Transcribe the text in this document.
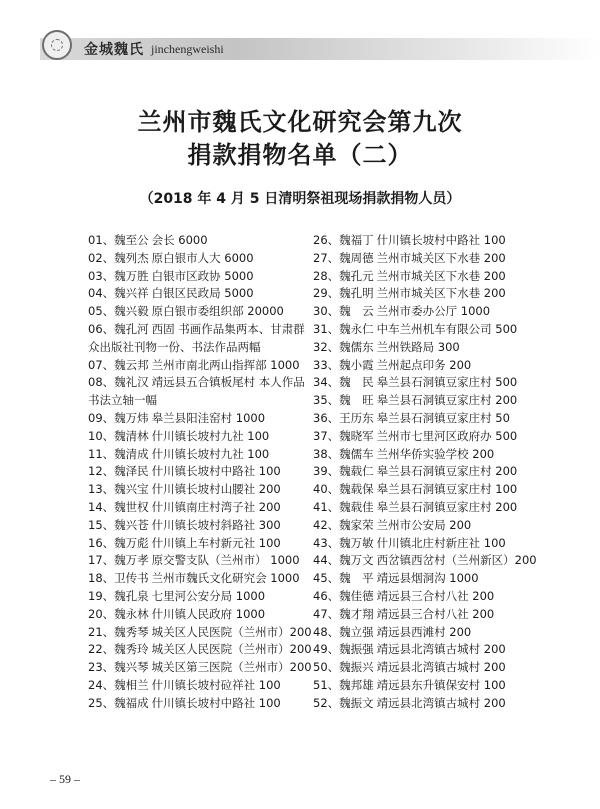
金城魏氏 jinchengweishi
兰州市魏氏文化研究会第九次
捐款捐物名单（二）
（2018 年 4 月 5 日清明祭祖现场捐款捐物人员）
01、魏至公 会长 6000
02、魏列杰 原白银市人大 6000
03、魏万胜 白银市区政协 5000
04、魏兴祥 白银区民政局 5000
05、魏兴毅 原白银市委组织部 20000
06、魏孔河 西固 书画作品集两本、甘肃群
众出版社刊物一份、书法作品两幅
07、魏云邦 兰州市南北两山指挥部 1000
08、魏礼汉 靖远县五合镇板尾村 本人作品
书法立轴一幅
09、魏万炜 皋兰县阳洼窑村 1000
10、魏清林 什川镇长坡村九社 100
11、魏清成 什川镇长坡村九社 100
12、魏泽民 什川镇长坡村中路社 100
13、魏兴宝 什川镇长坡村山腰社 200
14、魏世权 什川镇南庄村湾子社 200
15、魏兴苍 什川镇长坡村斜路社 300
16、魏万彪 什川镇上车村新元社 100
17、魏万孝 原交警支队（兰州市） 1000
18、卫传书 兰州市魏氏文化研究会 1000
19、魏孔泉 七里河公安分局 1000
20、魏永林 什川镇人民政府 1000
21、魏秀琴 城关区人民医院（兰州市）200
22、魏秀玲 城关区人民医院（兰州市）200
23、魏兴琴 城关区第三医院（兰州市）200
24、魏相兰 什川镇长坡村砬祥社 100
25、魏福成 什川镇长坡村中路社 100
26、魏福丁 什川镇长坡村中路社 100
27、魏周德 兰州市城关区下水巷 200
28、魏孔元 兰州市城关区下水巷 200
29、魏孔明 兰州市城关区下水巷 200
30、魏　云 兰州市委办公厅 1000
31、魏永仁 中车兰州机车有限公司 500
32、魏儒东 兰州铁路局 300
33、魏小霞 兰州起点印务 200
34、魏　民 皋兰县石洞镇豆家庄村 500
35、魏　旺 皋兰县石洞镇豆家庄村 200
36、王历东 皋兰县石洞镇豆家庄村 50
37、魏晓军 兰州市七里河区政府办 500
38、魏儒车 兰州华侨实验学校 200
39、魏载仁 皋兰县石洞镇豆家庄村 200
40、魏载保 皋兰县石洞镇豆家庄村 100
41、魏载佳 皋兰县石洞镇豆家庄村 200
42、魏家荣 兰州市公安局 200
43、魏万敏 什川镇北庄村新庄社 100
44、魏万文 西岔镇西岔村（兰州新区）200
45、魏　平 靖远县烟洞沟 1000
46、魏佳德 靖远县三合村八社 200
47、魏才翔 靖远县三合村八社 200
48、魏立强 靖远县西滩村 200
49、魏振强 靖远县北湾镇古城村 200
50、魏振兴 靖远县北湾镇古城村 200
51、魏邦雄 靖远县东升镇保安村 100
52、魏振文 靖远县北湾镇古城村 200
– 59 –
